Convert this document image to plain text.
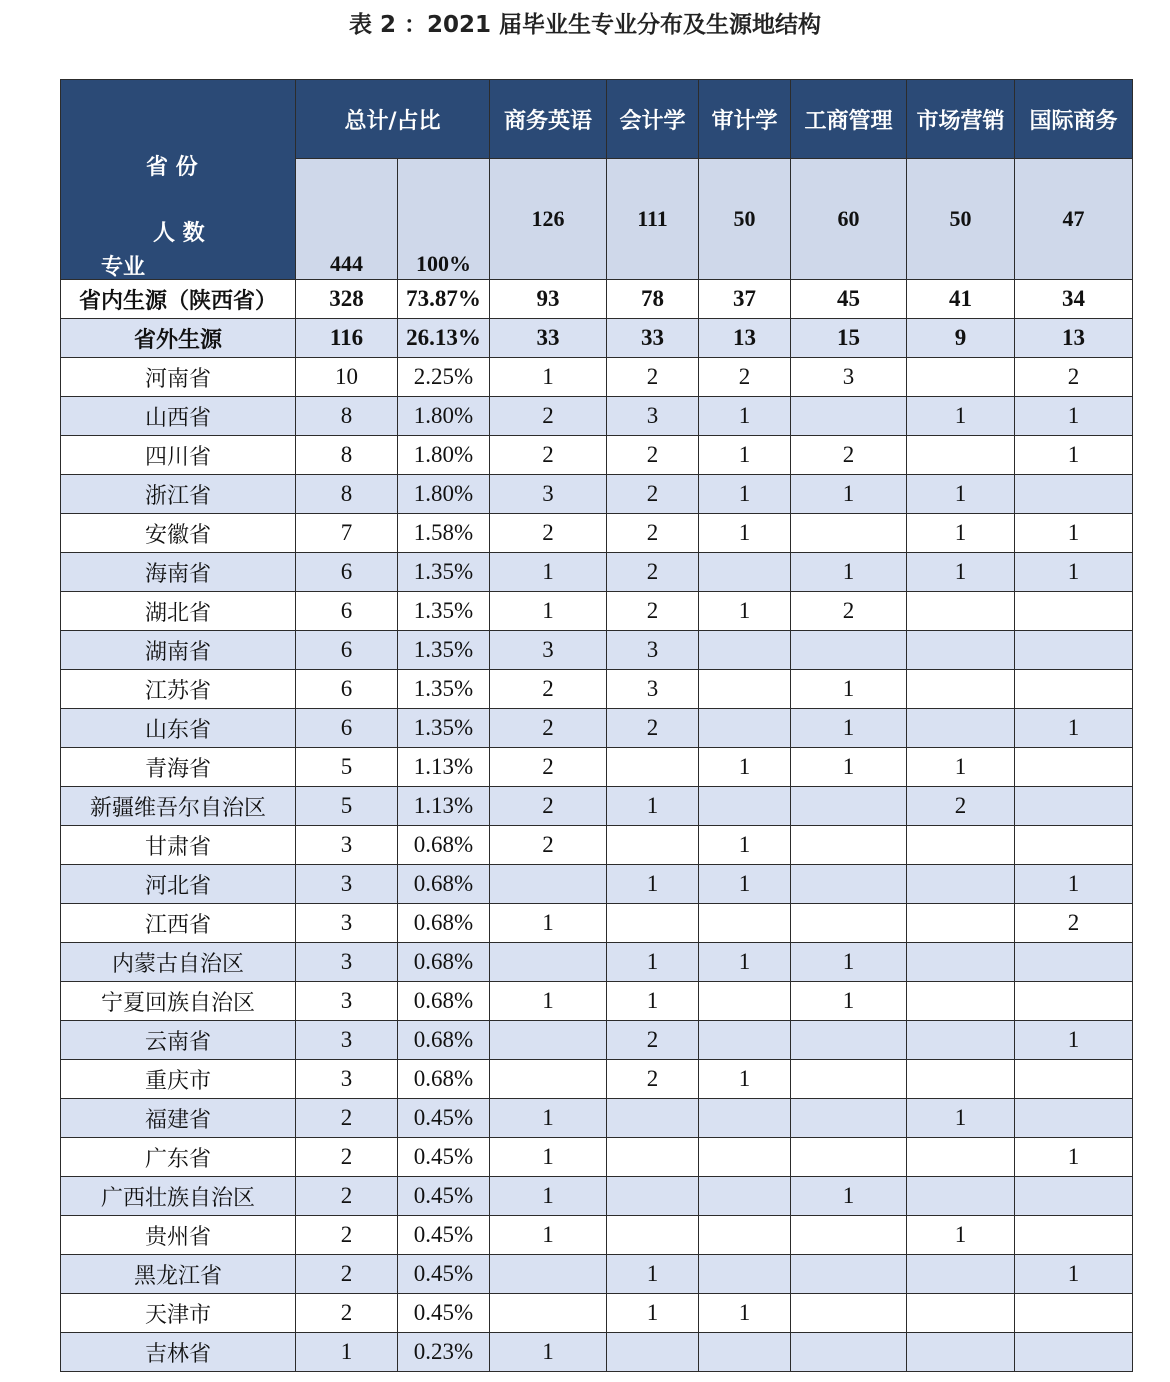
表 2 ：2021 届毕业生专业分布及生源地结构
省 份
人 数
专业	总计/占比		商务英语	会计学	审计学	工商管理	市场营销	国际商务
	444	100%	126	111	50	60	50	47
省内生源（陕西省）	328	73.87%	93	78	37	45	41	34
省外生源	116	26.13%	33	33	13	15	9	13
河南省	10	2.25%	1	2	2	3		2
山西省	8	1.80%	2	3	1		1	1
四川省	8	1.80%	2	2	1	2		1
浙江省	8	1.80%	3	2	1	1	1	
安徽省	7	1.58%	2	2	1		1	1
海南省	6	1.35%	1	2		1	1	1
湖北省	6	1.35%	1	2	1	2		
湖南省	6	1.35%	3	3				
江苏省	6	1.35%	2	3		1		
山东省	6	1.35%	2	2		1		1
青海省	5	1.13%	2		1	1	1	
新疆维吾尔自治区	5	1.13%	2	1			2	
甘肃省	3	0.68%	2		1			
河北省	3	0.68%		1	1			1
江西省	3	0.68%	1					2
内蒙古自治区	3	0.68%		1	1	1		
宁夏回族自治区	3	0.68%	1	1		1		
云南省	3	0.68%		2				1
重庆市	3	0.68%		2	1			
福建省	2	0.45%	1				1	
广东省	2	0.45%	1					1
广西壮族自治区	2	0.45%	1			1		
贵州省	2	0.45%	1				1	
黑龙江省	2	0.45%		1				1
天津市	2	0.45%		1	1			
吉林省	1	0.23%	1					
